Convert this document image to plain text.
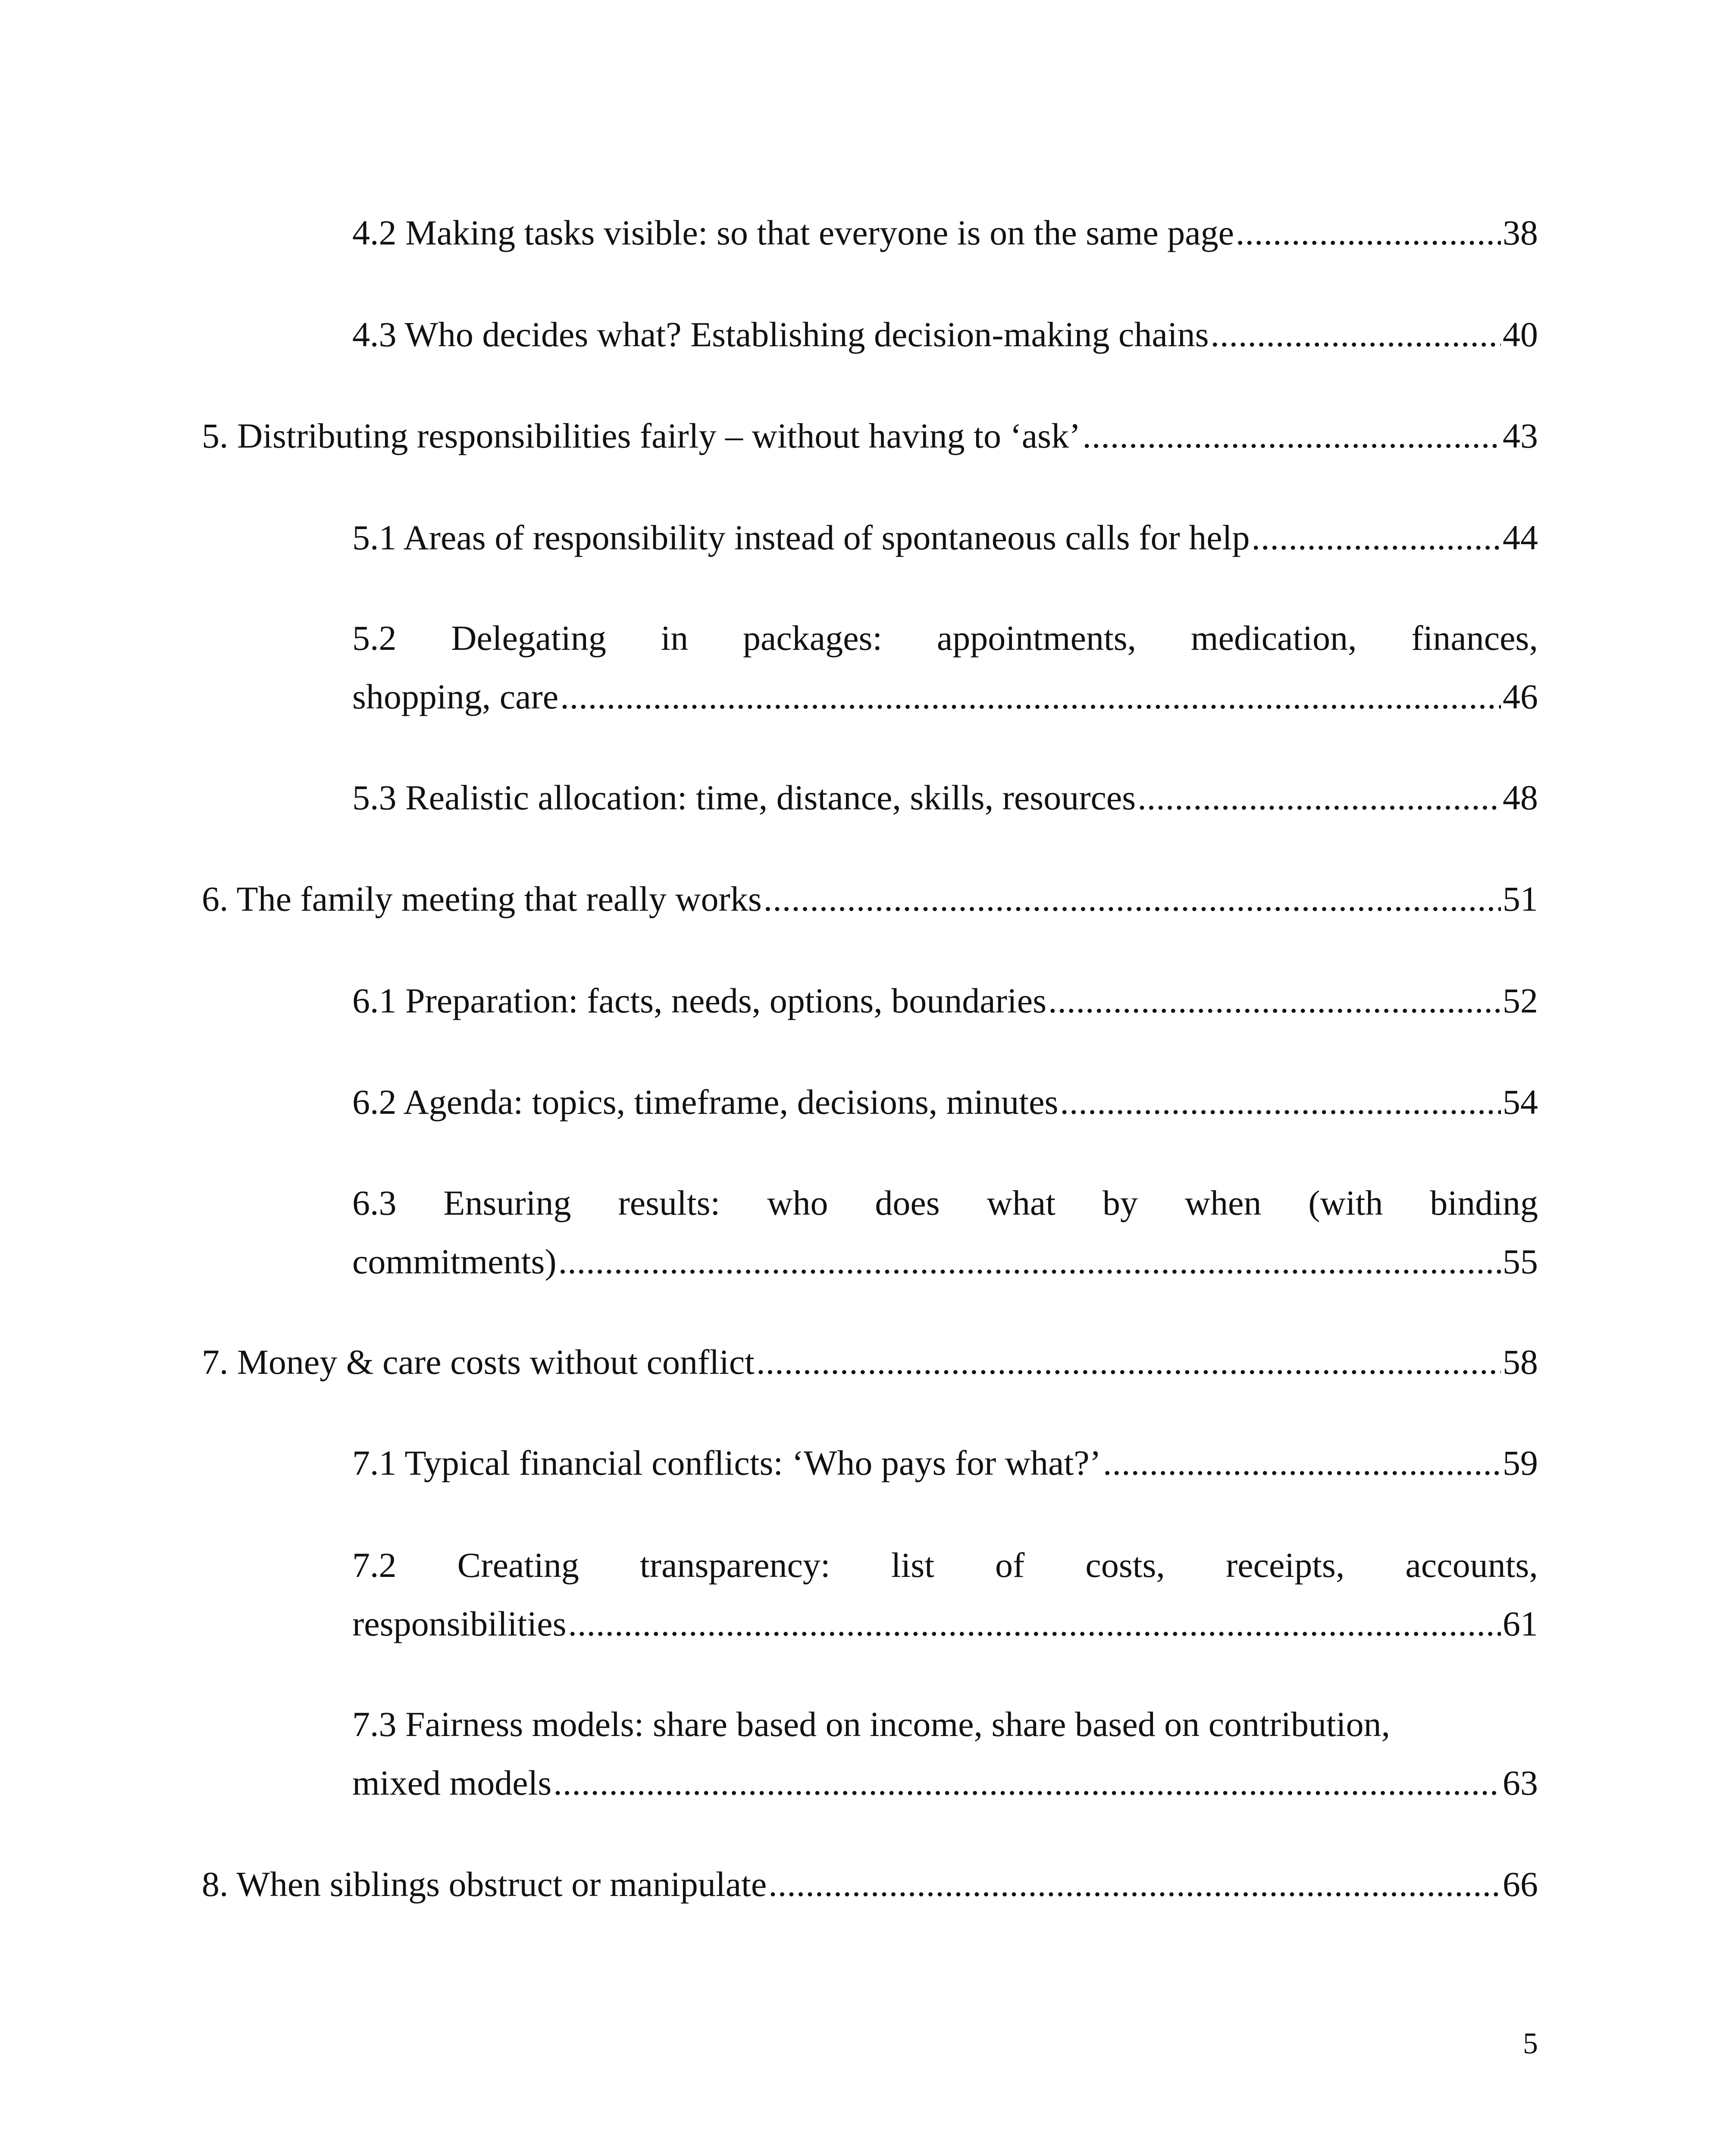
4.2 Making tasks visible: so that everyone is on the same page .....	38
4.3 Who decides what? Establishing decision-making chains .....	40
5. Distributing responsibilities fairly – without having to ‘ask’ .....	43
5.1 Areas of responsibility instead of spontaneous calls for help .....	44
5.2 Delegating in packages: appointments, medication, finances,
shopping, care .....	46
5.3 Realistic allocation: time, distance, skills, resources .....	48
6. The family meeting that really works .....	51
6.1 Preparation: facts, needs, options, boundaries .....	52
6.2 Agenda: topics, timeframe, decisions, minutes .....	54
6.3 Ensuring results: who does what by when (with binding
commitments) .....	55
7. Money & care costs without conflict .....	58
7.1 Typical financial conflicts: ‘Who pays for what?’ .....	59
7.2 Creating transparency: list of costs, receipts, accounts,
responsibilities .....	61
7.3 Fairness models: share based on income, share based on contribution,
mixed models .....	63
8. When siblings obstruct or manipulate .....	66
5
